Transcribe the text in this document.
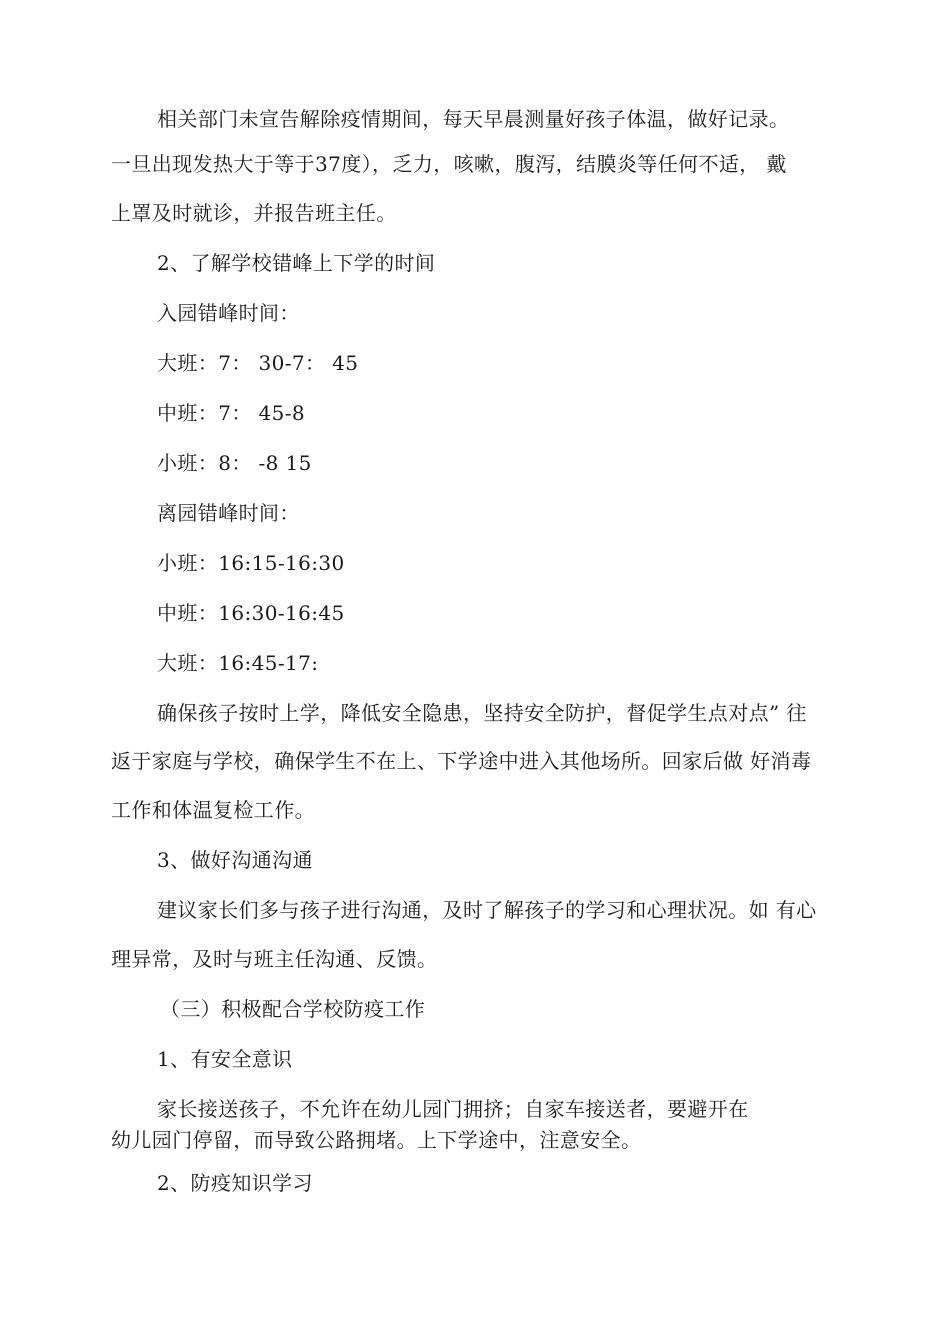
相关部门未宣告解除疫情期间，每天早晨测量好孩子体温，做好记录。
一旦出现发热大于等于37度），乏力，咳嗽，腹泻，结膜炎等任何不适， 戴
上罩及时就诊，并报告班主任。
2、了解学校错峰上下学的时间
入园错峰时间：
大班：7： 30-7： 45
中班：7： 45-8
小班：8： -8 15
离园错峰时间：
小班：16:15-16:30
中班：16:30-16:45
大班：16:45-17:
确保孩子按时上学，降低安全隐患，坚持安全防护，督促学生点对点” 往
返于家庭与学校，确保学生不在上、下学途中进入其他场所。回家后做 好消毒
工作和体温复检工作。
3、做好沟通沟通
建议家长们多与孩子进行沟通，及时了解孩子的学习和心理状况。如 有心
理异常，及时与班主任沟通、反馈。
（三）积极配合学校防疫工作
1、有安全意识
家长接送孩子，不允许在幼儿园门拥挤；自家车接送者，要避开在
幼儿园门停留，而导致公路拥堵。上下学途中，注意安全。
2、防疫知识学习
